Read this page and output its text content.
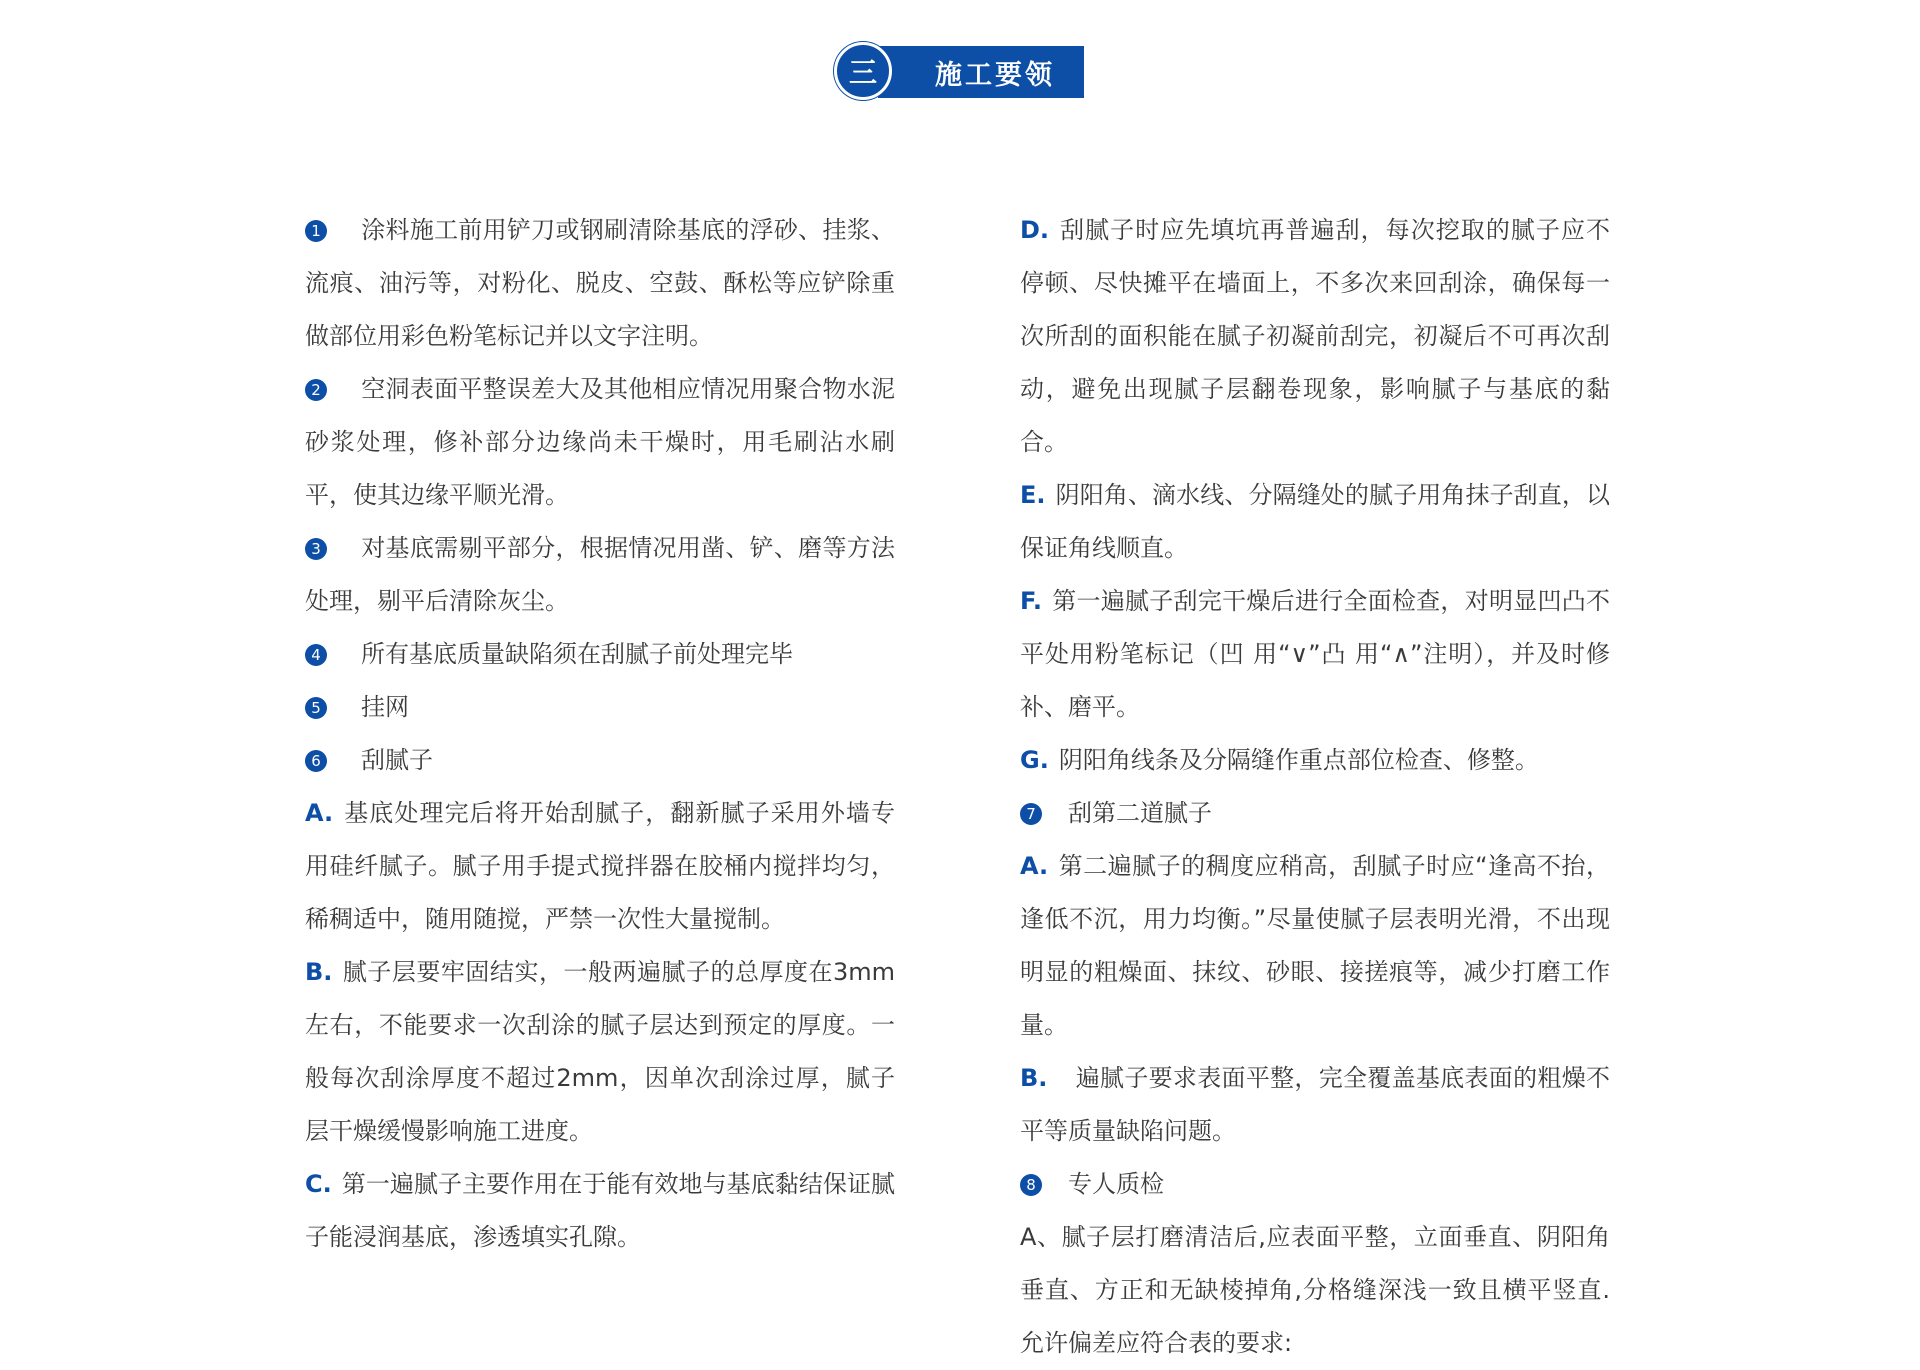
施工要领
三

1 涂料施工前用铲刀或钢刷清除基底的浮砂、挂浆、流痕、油污等，对粉化、脱皮、空鼓、酥松等应铲除重做部位用彩色粉笔标记并以文字注明。

2 空洞表面平整误差大及其他相应情况用聚合物水泥砂浆处理，修补部分边缘尚未干燥时，用毛刷沾水刷平，使其边缘平顺光滑。

3 对基底需剔平部分，根据情况用凿、铲、磨等方法处理，剔平后清除灰尘。

4 所有基底质量缺陷须在刮腻子前处理完毕

5 挂网

6 刮腻子

A. 基底处理完后将开始刮腻子，翻新腻子采用外墙专用硅纤腻子。腻子用手提式搅拌器在胶桶内搅拌均匀，稀稠适中，随用随搅，严禁一次性大量搅制。

B. 腻子层要牢固结实，一般两遍腻子的总厚度在3mm左右，不能要求一次刮涂的腻子层达到预定的厚度。一般每次刮涂厚度不超过2mm，因单次刮涂过厚，腻子层干燥缓慢影响施工进度。

C. 第一遍腻子主要作用在于能有效地与基底黏结保证腻子能浸润基底，渗透填实孔隙。

D. 刮腻子时应先填坑再普遍刮，每次挖取的腻子应不停顿、尽快摊平在墙面上，不多次来回刮涂，确保每一次所刮的面积能在腻子初凝前刮完，初凝后不可再次刮动，避免出现腻子层翻卷现象，影响腻子与基底的黏合。

E. 阴阳角、滴水线、分隔缝处的腻子用角抹子刮直，以保证角线顺直。

F. 第一遍腻子刮完干燥后进行全面检查，对明显凹凸不平处用粉笔标记（凹 用“∨”凸 用“∧”注明），并及时修补、磨平。

G. 阴阳角线条及分隔缝作重点部位检查、修整。

7 刮第二道腻子

A. 第二遍腻子的稠度应稍高，刮腻子时应“逢高不抬，逢低不沉，用力均衡。”尽量使腻子层表明光滑，不出现明显的粗燥面、抹纹、砂眼、接搓痕等，减少打磨工作量。

B. 遍腻子要求表面平整，完全覆盖基底表面的粗燥不平等质量缺陷问题。

8 专人质检

A、腻子层打磨清洁后,应表面平整，立面垂直、阴阳角垂直、方正和无缺棱掉角,分格缝深浅一致且横平竖直.允许偏差应符合表的要求:
